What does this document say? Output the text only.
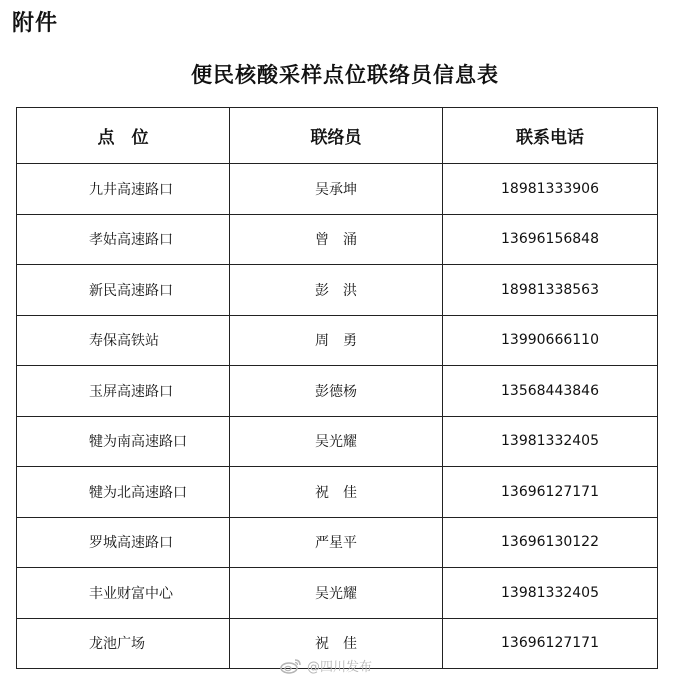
附件
便民核酸采样点位联络员信息表
点　位	联络员	联系电话
九井高速路口	吴承坤	18981333906
孝姑高速路口	曾　涌	13696156848
新民高速路口	彭　洪	18981338563
寿保高铁站	周　勇	13990666110
玉屏高速路口	彭德杨	13568443846
犍为南高速路口	吴光耀	13981332405
犍为北高速路口	祝　佳	13696127171
罗城高速路口	严星平	13696130122
丰业财富中心	吴光耀	13981332405
龙池广场	祝　佳	13696127171
@四川发布
